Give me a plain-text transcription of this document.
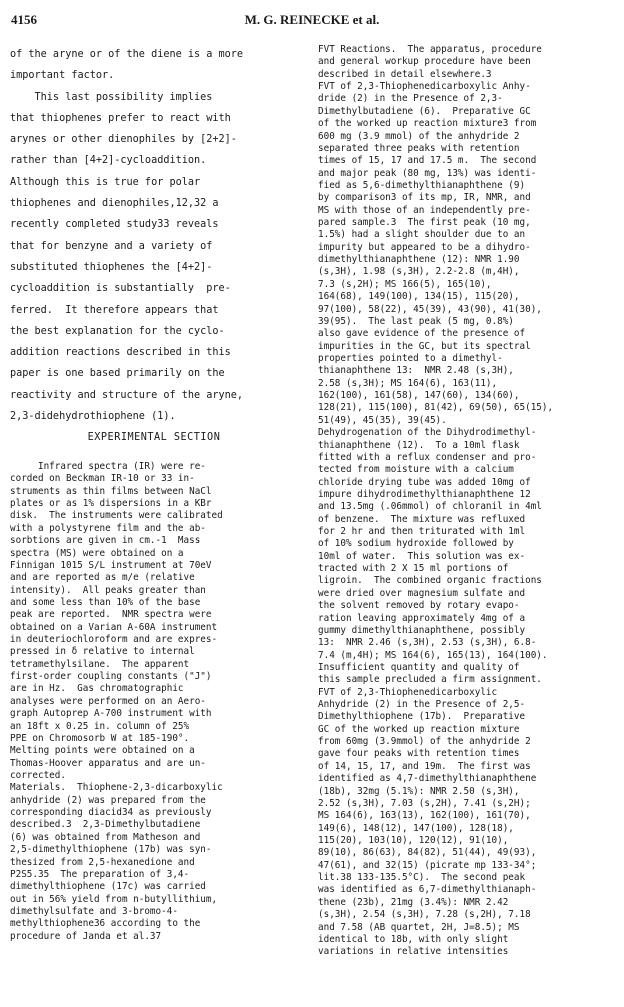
4156	M. G. REINECKE et al.
of the aryne or of the diene is a more
important factor.
This last possibility implies
that thiophenes prefer to react with
arynes or other dienophiles by [2+2]-
rather than [4+2]-cycloaddition.
Although this is true for polar
thiophenes and dienophiles,12,32 a
recently completed study33 reveals
that for benzyne and a variety of
substituted thiophenes the [4+2]-
cycloaddition is substantially  pre-
ferred.  It therefore appears that
the best explanation for the cyclo-
addition reactions described in this
paper is one based primarily on the
reactivity and structure of the aryne,
2,3-didehydrothiophene (1).
EXPERIMENTAL SECTION
Infrared spectra (IR) were re-
corded on Beckman IR-10 or 33 in-
struments as thin films between NaCl
plates or as 1% dispersions in a KBr
disk.  The instruments were calibrated
with a polystyrene film and the ab-
sorbtions are given in cm.-1  Mass
spectra (MS) were obtained on a
Finnigan 1015 S/L instrument at 70eV
and are reported as m/e (relative
intensity).  All peaks greater than
and some less than 10% of the base
peak are reported.  NMR spectra were
obtained on a Varian A-60A instrument
in deuteriochloroform and are expres-
pressed in δ relative to internal
tetramethylsilane.  The apparent
first-order coupling constants ("J")
are in Hz.  Gas chromatographic
analyses were performed on an Aero-
graph Autoprep A-700 instrument with
an 18ft x 0.25 in. column of 25%
PPE on Chromosorb W at 185-190°.
Melting points were obtained on a
Thomas-Hoover apparatus and are un-
corrected.
Materials.  Thiophene-2,3-dicarboxylic
anhydride (2) was prepared from the
corresponding diacid34 as previously
described.3  2,3-Dimethylbutadiene
(6) was obtained from Matheson and
2,5-dimethylthiophene (17b) was syn-
thesized from 2,5-hexanedione and
P2S5.35  The preparation of 3,4-
dimethylthiophene (17c) was carried
out in 56% yield from n-butyllithium,
dimethylsulfate and 3-bromo-4-
methylthiophene36 according to the
procedure of Janda et al.37
FVT Reactions.  The apparatus, procedure
and general workup procedure have been
described in detail elsewhere.3
FVT of 2,3-Thiophenedicarboxylic Anhy-
dride (2) in the Presence of 2,3-
Dimethylbutadiene (6).  Preparative GC
of the worked up reaction mixture3 from
600 mg (3.9 mmol) of the anhydride 2
separated three peaks with retention
times of 15, 17 and 17.5 m.  The second
and major peak (80 mg, 13%) was identi-
fied as 5,6-dimethylthianaphthene (9)
by comparison3 of its mp, IR, NMR, and
MS with those of an independently pre-
pared sample.3  The first peak (10 mg,
1.5%) had a slight shoulder due to an
impurity but appeared to be a dihydro-
dimethylthianaphthene (12): NMR 1.90
(s,3H), 1.98 (s,3H), 2.2-2.8 (m,4H),
7.3 (s,2H); MS 166(5), 165(10),
164(68), 149(100), 134(15), 115(20),
97(100), 58(22), 45(39), 43(90), 41(30),
39(95).  The last peak (5 mg, 0.8%)
also gave evidence of the presence of
impurities in the GC, but its spectral
properties pointed to a dimethyl-
thianaphthene 13:  NMR 2.48 (s,3H),
2.58 (s,3H); MS 164(6), 163(11),
162(100), 161(58), 147(60), 134(60),
128(21), 115(100), 81(42), 69(50), 65(15),
51(49), 45(35), 39(45).
Dehydrogenation of the Dihydrodimethyl-
thianaphthene (12).  To a 10ml flask
fitted with a reflux condenser and pro-
tected from moisture with a calcium
chloride drying tube was added 10mg of
impure dihydrodimethylthianaphthene 12
and 13.5mg (.06mmol) of chloranil in 4ml
of benzene.  The mixture was refluxed
for 2 hr and then triturated with 1ml
of 10% sodium hydroxide followed by
10ml of water.  This solution was ex-
tracted with 2 X 15 ml portions of
ligroin.  The combined organic fractions
were dried over magnesium sulfate and
the solvent removed by rotary evapo-
ration leaving approximately 4mg of a
gummy dimethylthianaphthene, possibly
13:  NMR 2.46 (s,3H), 2.53 (s,3H), 6.8-
7.4 (m,4H); MS 164(6), 165(13), 164(100).
Insufficient quantity and quality of
this sample precluded a firm assignment.
FVT of 2,3-Thiophenedicarboxylic
Anhydride (2) in the Presence of 2,5-
Dimethylthiophene (17b).  Preparative
GC of the worked up reaction mixture
from 60mg (3.9mmol) of the anhydride 2
gave four peaks with retention times
of 14, 15, 17, and 19m.  The first was
identified as 4,7-dimethylthianaphthene
(18b), 32mg (5.1%): NMR 2.50 (s,3H),
2.52 (s,3H), 7.03 (s,2H), 7.41 (s,2H);
MS 164(6), 163(13), 162(100), 161(70),
149(6), 148(12), 147(100), 128(18),
115(20), 103(10), 120(12), 91(10),
89(10), 86(63), 84(82), 51(44), 49(93),
47(61), and 32(15) (picrate mp 133-34°;
lit.38 133-135.5°C).  The second peak
was identified as 6,7-dimethylthianaph-
thene (23b), 21mg (3.4%): NMR 2.42
(s,3H), 2.54 (s,3H), 7.28 (s,2H), 7.18
and 7.58 (AB quartet, 2H, J=8.5); MS
identical to 18b, with only slight
variations in relative intensities
